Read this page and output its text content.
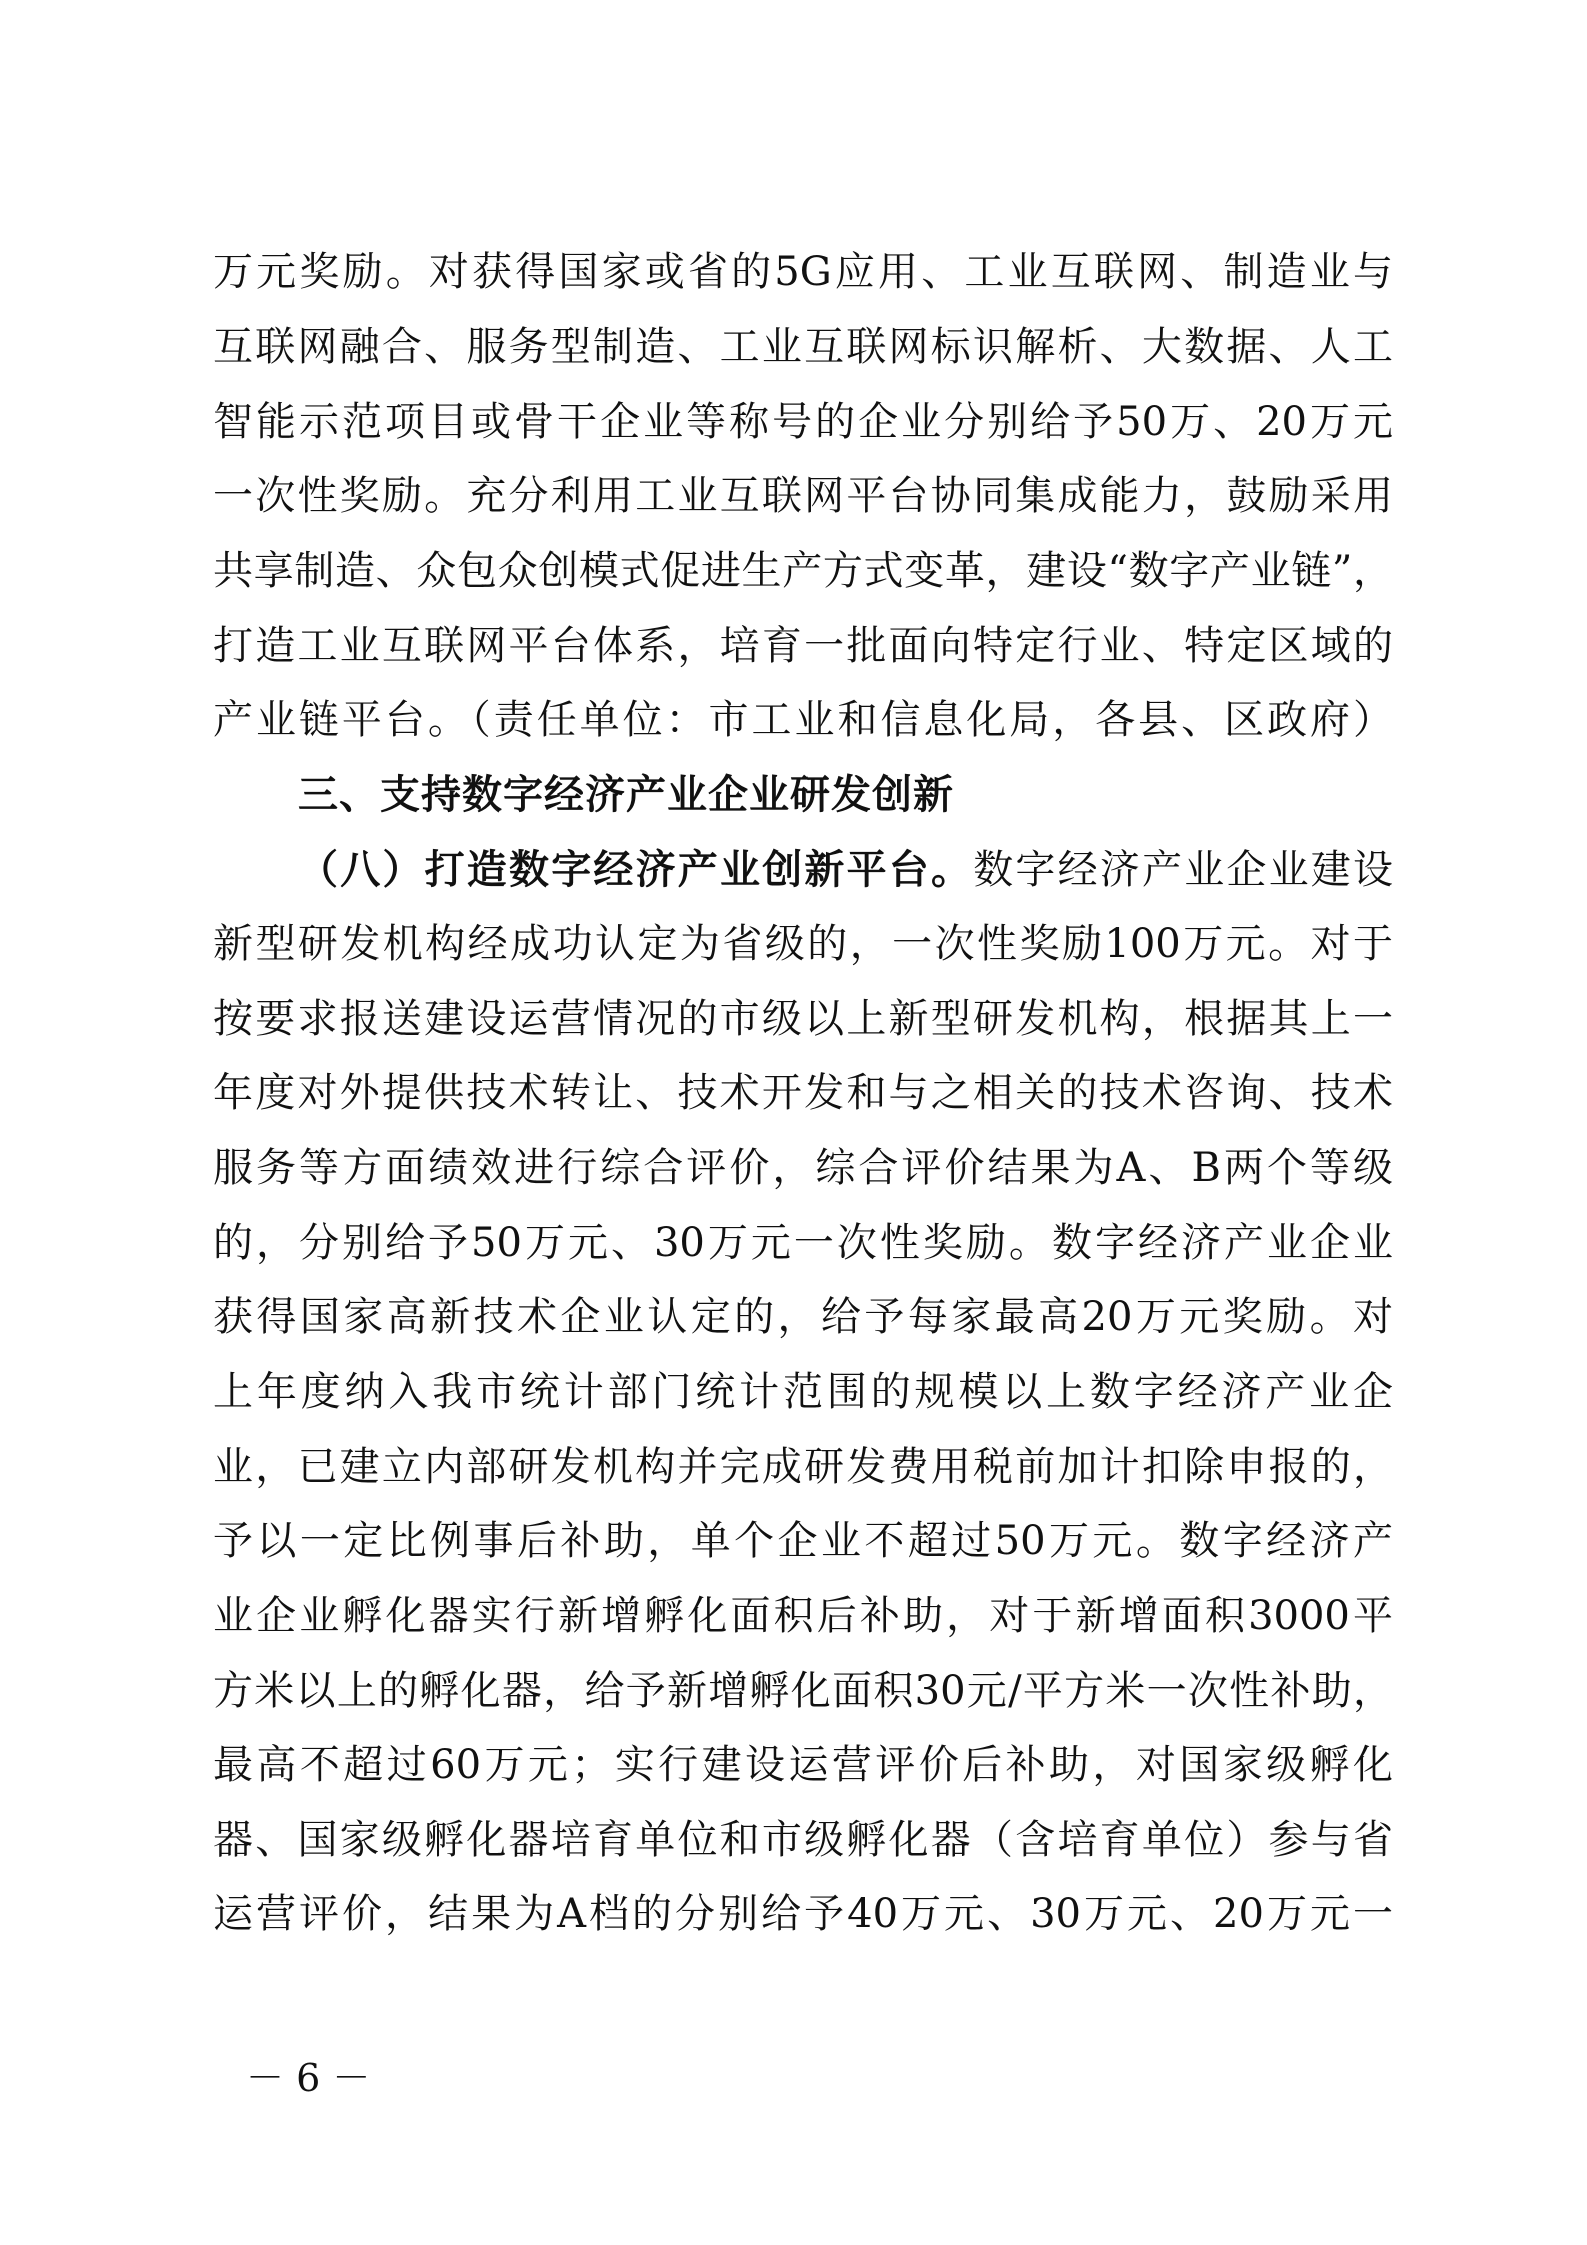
万元奖励。对获得国家或省的5G应用、工业互联网、制造业与
互联网融合、服务型制造、工业互联网标识解析、大数据、人工
智能示范项目或骨干企业等称号的企业分别给予50万、20万元
一次性奖励。充分利用工业互联网平台协同集成能力，鼓励采用
共享制造、众包众创模式促进生产方式变革，建设“数字产业链”，
打造工业互联网平台体系，培育一批面向特定行业、特定区域的
产业链平台。（责任单位：市工业和信息化局，各县、区政府）
三、支持数字经济产业企业研发创新
（八）打造数字经济产业创新平台。数字经济产业企业建设
新型研发机构经成功认定为省级的，一次性奖励100万元。对于
按要求报送建设运营情况的市级以上新型研发机构，根据其上一
年度对外提供技术转让、技术开发和与之相关的技术咨询、技术
服务等方面绩效进行综合评价，综合评价结果为A、B两个等级
的，分别给予50万元、30万元一次性奖励。数字经济产业企业
获得国家高新技术企业认定的，给予每家最高20万元奖励。对
上年度纳入我市统计部门统计范围的规模以上数字经济产业企
业，已建立内部研发机构并完成研发费用税前加计扣除申报的，
予以一定比例事后补助，单个企业不超过50万元。数字经济产
业企业孵化器实行新增孵化面积后补助，对于新增面积3000平
方米以上的孵化器，给予新增孵化面积30元/平方米一次性补助，
最高不超过60万元；实行建设运营评价后补助，对国家级孵化
器、国家级孵化器培育单位和市级孵化器（含培育单位）参与省
运营评价，结果为A档的分别给予40万元、30万元、20万元一
－ 6 －
